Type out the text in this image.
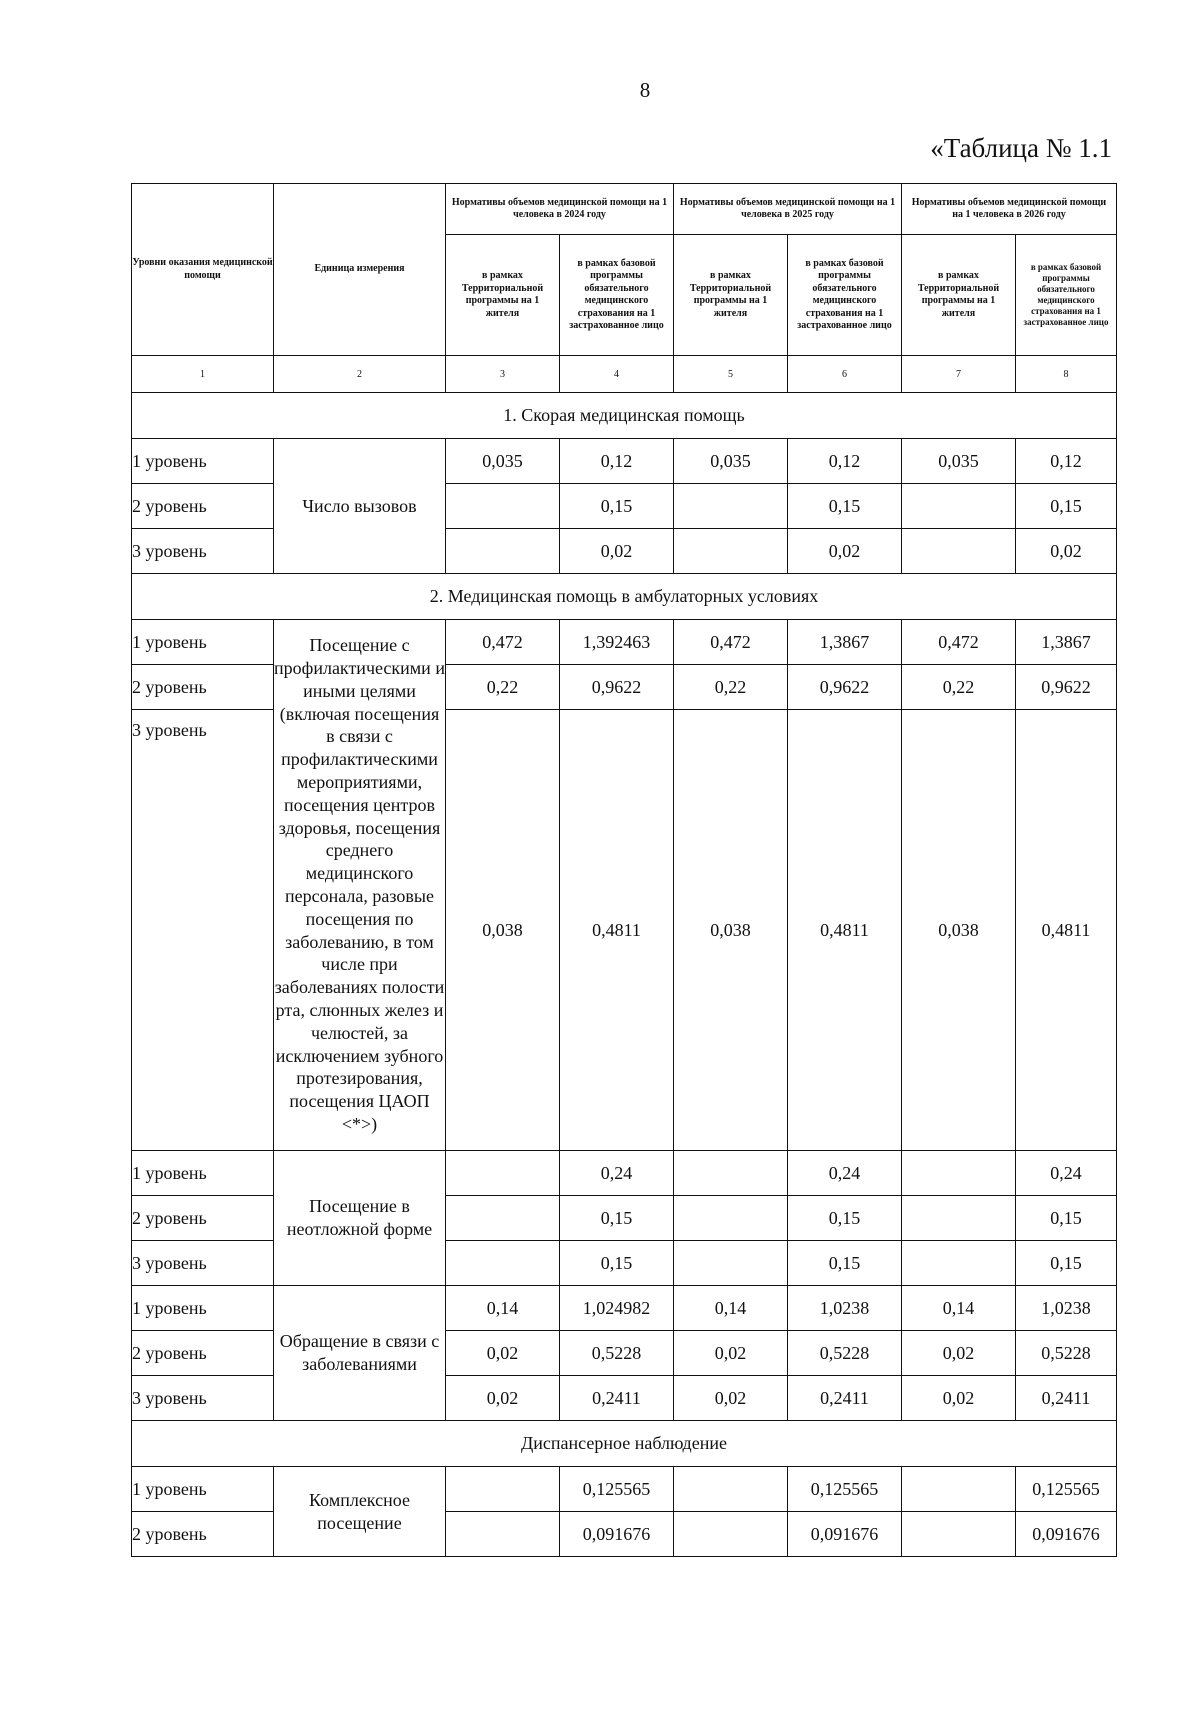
8
«Таблица № 1.1
Уровни оказания медицинской помощи	Единица измерения	Нормативы объемов медицинской помощи на 1 человека в 2024 году		Нормативы объемов медицинской помощи на 1 человека в 2025 году		Нормативы объемов медицинской помощи на 1 человека в 2026 году	
		в рамках Территориальной программы на 1 жителя	в рамках базовой программы обязательного медицинского страхования на 1 застрахованное лицо	в рамках Территориальной программы на 1 жителя	в рамках базовой программы обязательного медицинского страхования на 1 застрахованное лицо	в рамках Территориальной программы на 1 жителя	в рамках базовой программы обязательного медицинского страхования на 1 застрахованное лицо
1	2	3	4	5	6	7	8
1. Скорая медицинская помощь							
1 уровень	Число вызовов	0,035	0,12	0,035	0,12	0,035	0,12
2 уровень			0,15		0,15		0,15
3 уровень			0,02		0,02		0,02
2. Медицинская помощь в амбулаторных условиях							
1 уровень	Посещение с профилактическими и иными целями (включая посещения в связи с профилактическими мероприятиями, посещения центров здоровья, посещения среднего медицинского персонала, разовые посещения по заболеванию, в том числе при заболеваниях полости рта, слюнных желез и челюстей, за исключением зубного протезирования, посещения ЦАОП <*>)	0,472	1,392463	0,472	1,3867	0,472	1,3867
2 уровень		0,22	0,9622	0,22	0,9622	0,22	0,9622
3 уровень		0,038	0,4811	0,038	0,4811	0,038	0,4811
1 уровень	Посещение в неотложной форме		0,24		0,24		0,24
2 уровень			0,15		0,15		0,15
3 уровень			0,15		0,15		0,15
1 уровень	Обращение в связи с заболеваниями	0,14	1,024982	0,14	1,0238	0,14	1,0238
2 уровень		0,02	0,5228	0,02	0,5228	0,02	0,5228
3 уровень		0,02	0,2411	0,02	0,2411	0,02	0,2411
Диспансерное наблюдение							
1 уровень	Комплексное посещение		0,125565		0,125565		0,125565
2 уровень			0,091676		0,091676		0,091676
